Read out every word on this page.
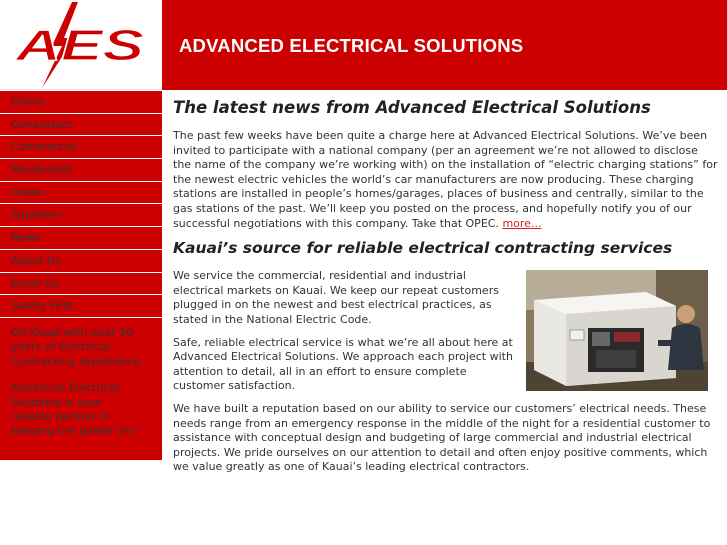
AES ADVANCED ELECTRICAL SOLUTIONS
Home
Generators
Commercial
Residential
Green
Suppliers
News
About Us
Email Us
Safety First

On Kauai with over 30 years of Electrical Contracting experience.

Advanced Electrical Solutions is your reliable partner in keeping the power on!

The latest news from Advanced Electrical Solutions

The past few weeks have been quite a charge here at Advanced Electrical Solutions. We’ve been invited to participate with a national company (per an agreement we’re not allowed to disclose the name of the company we’re working with) on the installation of “electric charging stations” for the newest electric vehicles the world’s car manufacturers are now producing. These charging stations are installed in people’s homes/garages, places of business and centrally, similar to the gas stations of the past. We’ll keep you posted on the process, and hopefully notify you of our successful negotiations with this company. Take that OPEC. more...

Kauai’s source for reliable electrical contracting services

We service the commercial, residential and industrial electrical markets on Kauai. We keep our repeat customers plugged in on the newest and best electrical practices, as stated in the National Electric Code.

Safe, reliable electrical service is what we’re all about here at Advanced Electrical Solutions. We approach each project with attention to detail, all in an effort to ensure complete customer satisfaction.

We have built a reputation based on our ability to service our customers’ electrical needs. These needs range from an emergency response in the middle of the night for a residential customer to assistance with conceptual design and budgeting of large commercial and industrial electrical projects. We pride ourselves on our attention to detail and often enjoy positive comments, which we value greatly as one of Kauai’s leading electrical contractors.
